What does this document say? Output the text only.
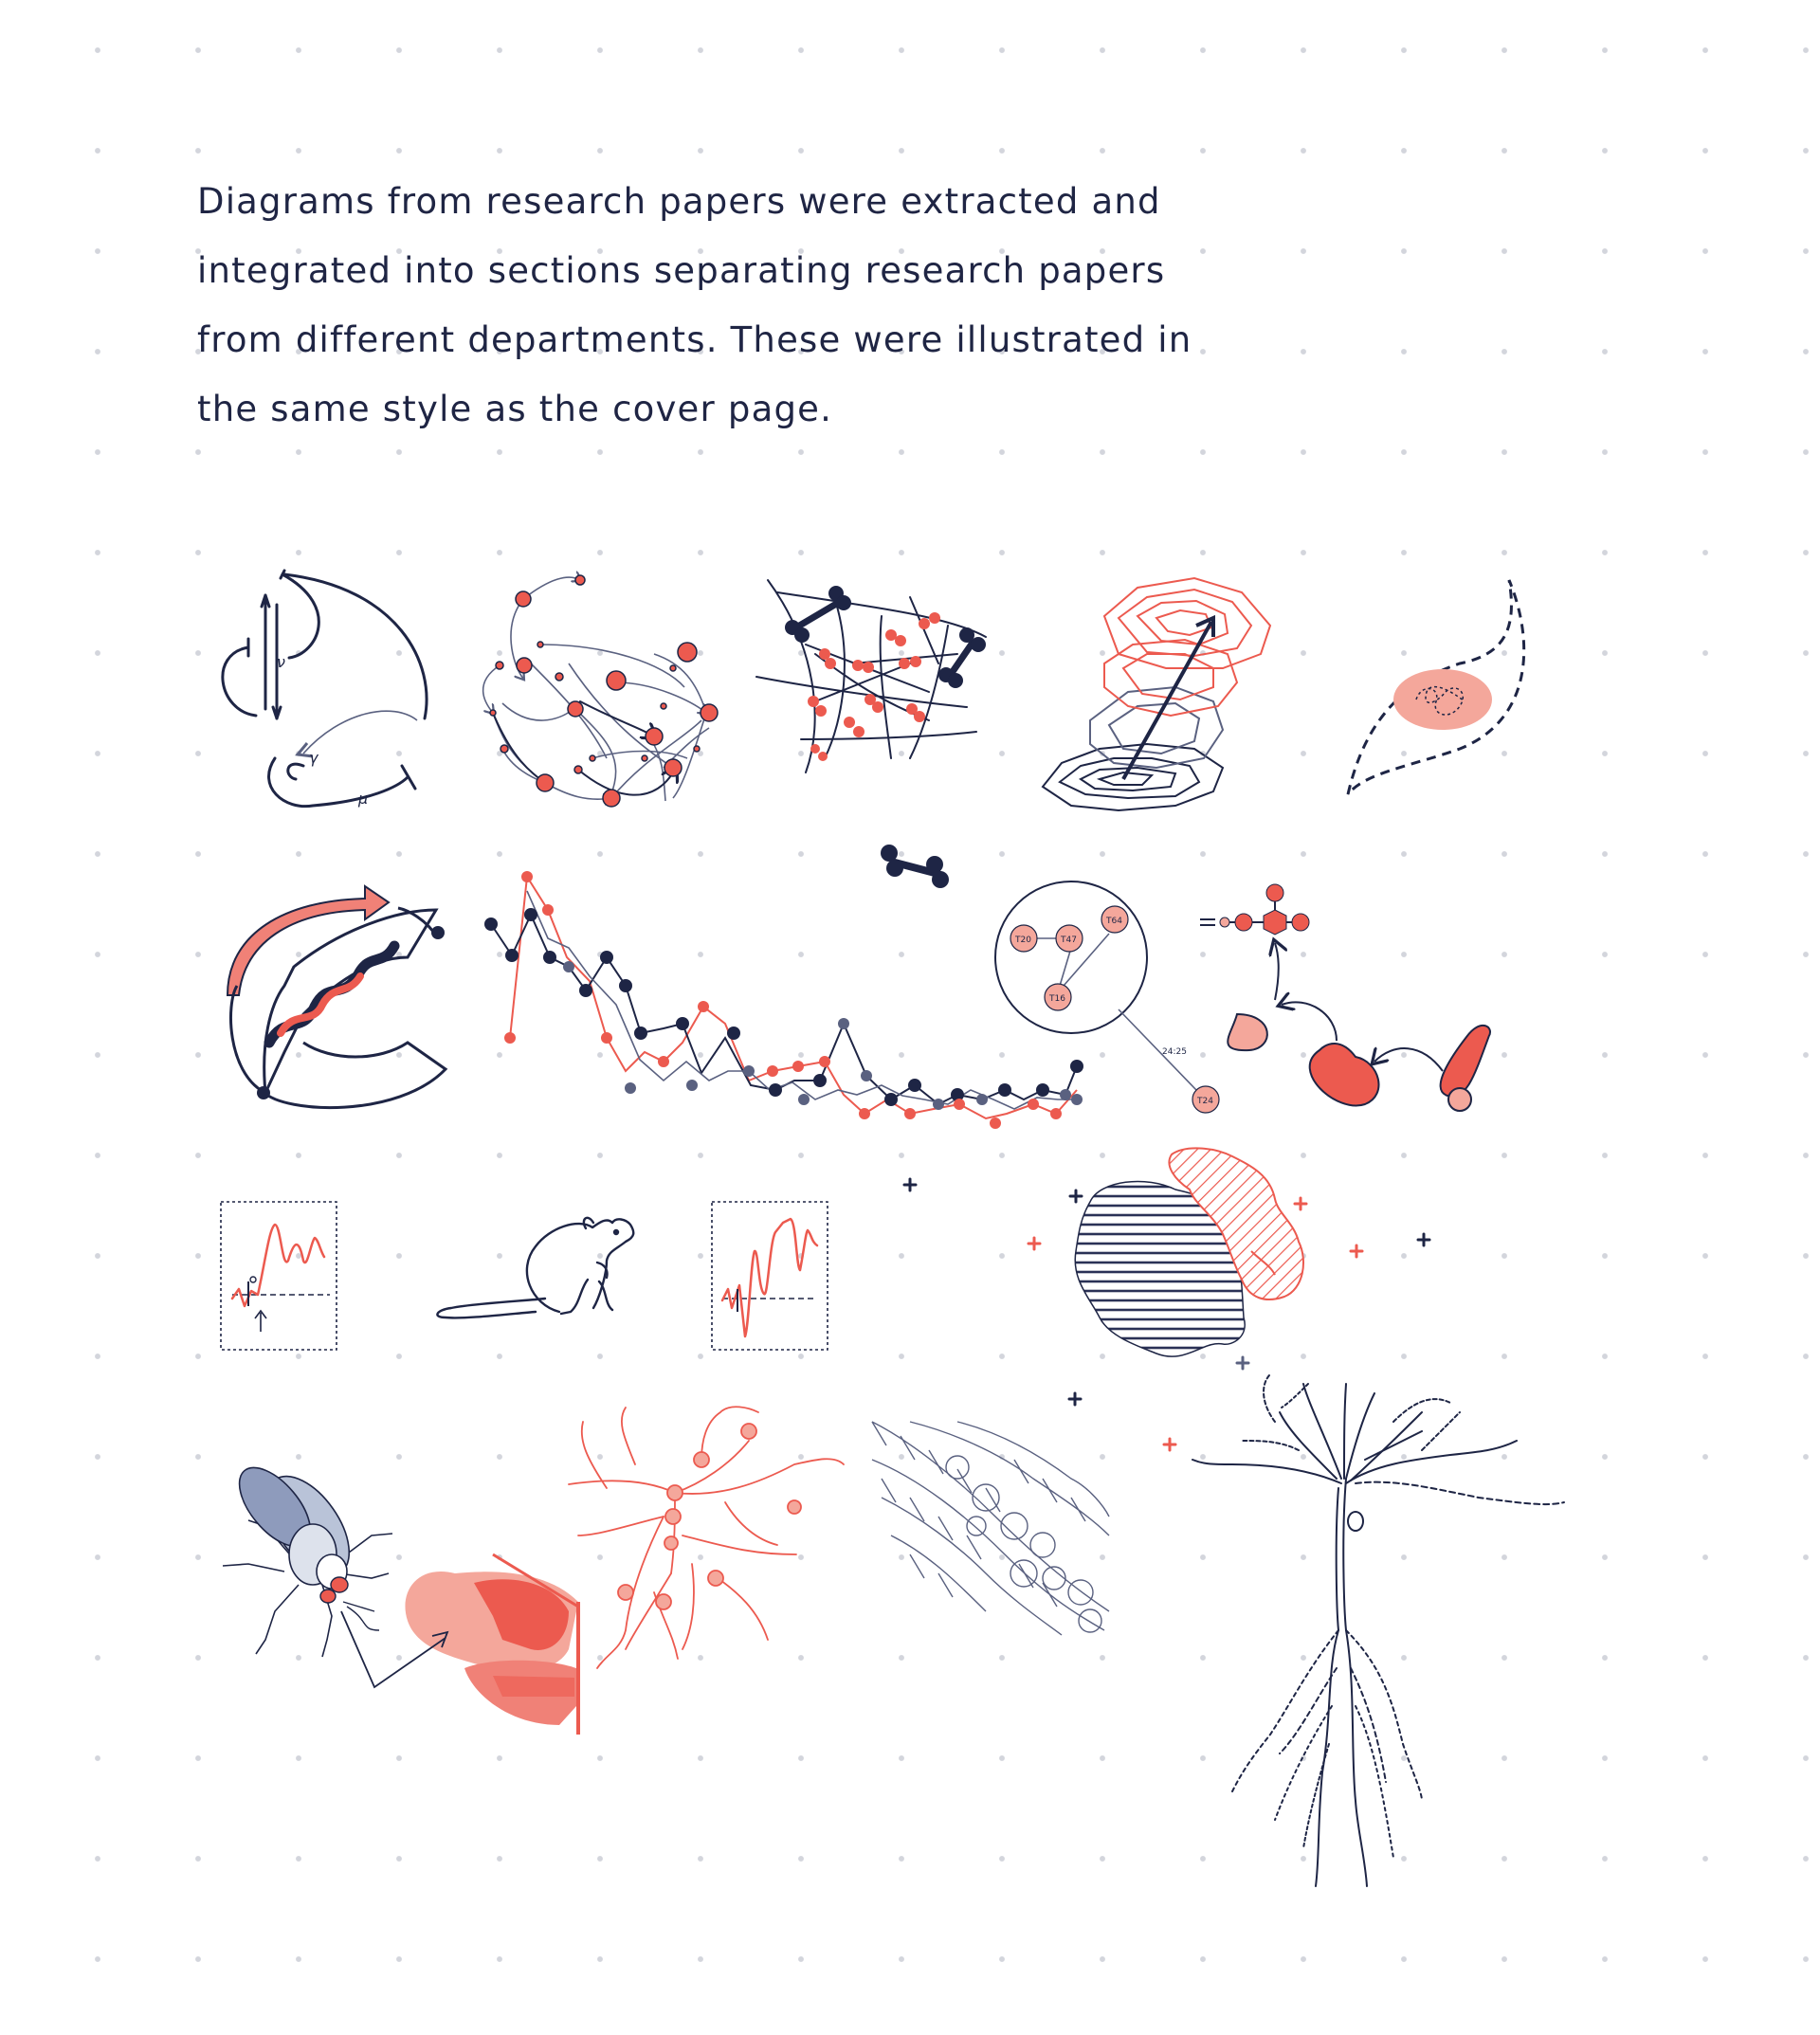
Diagrams from research papers were extracted and integrated into sections separating research papers from different departments. These were illustrated in the same style as the cover page.

ν
γ
μ
T20	T47
T64
T16
T24
24:25
